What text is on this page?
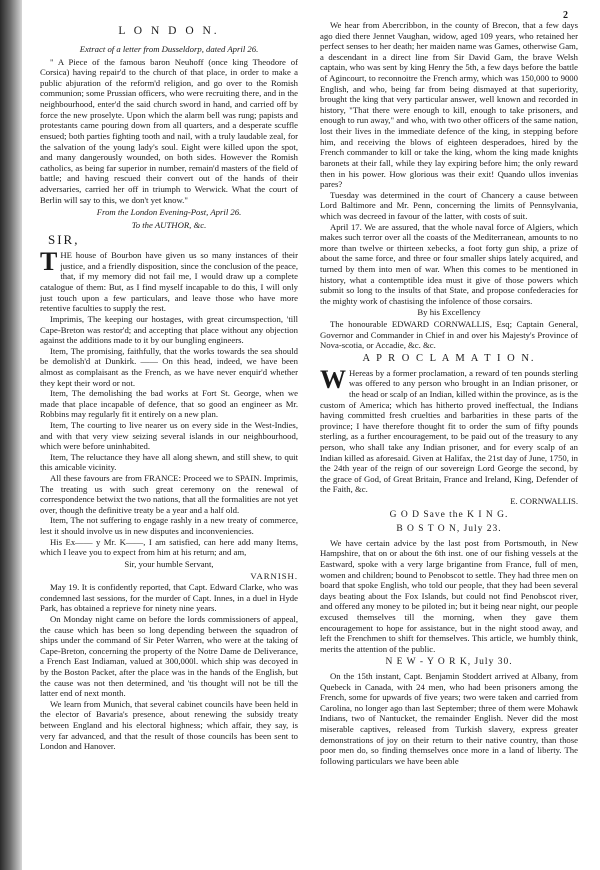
2
L O N D O N.
Extract of a letter from Dusseldorp, dated April 26.

" A Piece of the famous baron Neuhoff (once king Theodore of Corsica) having repair'd to the church of that place, in order to make a public abjuration of the reform'd religion, and go over to the Romish communion; some Prussian officers, who were recruiting there, and in the neighbourhood, enter'd the said church sword in hand, and carried off by force the new proselyte. Upon which the alarm bell was rung; papists and protestants came pouring down from all quarters, and a desperate scuffle ensued; both parties fighting tooth and nail, with a truly laudable zeal, for the salvation of the young lady's soul. Eight were killed upon the spot, and many dangerously wounded, on both sides. However the Romish catholics, as being far superior in number, remain'd masters of the field of battle; and having rescued their convert out of the hands of their adversaries, carried her off in triumph to Werwick. What the court of Berlin will say to this, we don't yet know."

From the London Evening-Post, April 26.
To the AUTHOR, &c.
SIR,

THE house of Bourbon have given us so many instances of their justice, and a friendly disposition, since the conclusion of the peace, that, if my memory did not fail me, I would draw up a complete catalogue of them: But, as I find myself incapable to do this, I will only just touch upon a few particulars, and leave those who have more retentive faculties to supply the rest.

Imprimis, The keeping our hostages, with great circumspection, 'till Cape-Breton was restor'd; and accepting that place without any objection against the additions made to it by our bungling engineers.

Item, The promising, faithfully, that the works towards the sea should be demolish'd at Dunkirk. —— On this head, indeed, we have been almost as complaisant as the French, as we have never enquir'd whether they kept their word or not.

Item, The demolishing the bad works at Fort St. George, when we made that place incapable of defence, that so good an engineer as Mr. Robbins may regularly fit it entirely on a new plan.

Item, The courting to live nearer us on every side in the West-Indies, and with that very view seizing several islands in our neighbourhood, which were before uninhabited.

Item, The reluctance they have all along shewn, and still shew, to quit this amicable vicinity.

All these favours are from FRANCE: Proceed we to SPAIN. Imprimis, The treating us with such great ceremony on the renewal of correspondence betwixt the two nations, that all the formalities are not yet over, though the definitive treaty be a year and a half old.

Item, The not suffering to engage rashly in a new treaty of commerce, lest it should involve us in new disputes and inconveniencies.

His Ex—— y Mr. K——, I am satisfied, can here add many Items, which I leave you to expect from him at his return; and am,

Sir, your humble Servant,
VARNISH.

May 19. It is confidently reported, that Capt. Edward Clarke, who was condemned last sessions, for the murder of Capt. Innes, in a duel in Hyde Park, has obtained a reprieve for ninety nine years.

On Monday night came on before the lords commissioners of appeal, the cause which has been so long depending between the squadron of ships under the command of Sir Peter Warren, who were at the taking of Cape-Breton, concerning the property of the Notre Dame de Deliverance, a French East Indiaman, valued at 300,000l. which ship was decoyed in by the Boston Packet, after the place was in the hands of the English, but the cause was not then determined, and 'tis thought will not be till the latter end of next month.

We learn from Munich, that several cabinet councils have been held in the elector of Bavaria's presence, about renewing the subsidy treaty between England and his electoral highness; which affair, they say, is very far advanced, and that the result of those councils has been sent to London and Hanover.

We hear from Abercribbon, in the county of Brecon, that a few days ago died there Jennet Vaughan, widow, aged 109 years, who retained her perfect senses to her death; her maiden name was Games, otherwise Gam, a descendant in a direct line from Sir David Gam, the brave Welsh captain, who was sent by king Henry the 5th, a few days before the battle of Agincourt, to reconnoitre the French army, which was 150,000 to 9000 English, and who, being far from being dismayed at that superiority, brought the king that very particular answer, well known and recorded in history, "That there were enough to kill, enough to take prisoners, and enough to run away," and who, with two other officers of the same nation, lost their lives in the immediate defence of the king, in stepping before him, and receiving the blows of eighteen desperadoes, hired by the French commander to kill or take the king, whom the king made knights baronets at their fall, while they lay expiring before him; the only reward then in his power. How glorious was their exit! Quando ullos invenias pares?

Tuesday was determined in the court of Chancery a cause between Lord Baltimore and Mr. Penn, concerning the limits of Pennsylvania, which was decreed in favour of the latter, with costs of suit.

April 17. We are assured, that the whole naval force of Algiers, which makes such terror over all the coasts of the Mediterranean, amounts to no more than twelve or thirteen xebecks, a foot forty gun ship, a prize of about the same force, and three or four smaller ships lately acquired, and turned by them into men of war. When this comes to be mentioned in history, what a contemptible idea must it give of those powers which submit so long to the insults of that State, and propose confederacies for the mighty work of chastising the infolence of those corsairs.

By his Excellency

The honourable EDWARD CORNWALLIS, Esq; Captain General, Governor and Commander in Chief in and over his Majesty's Province of Nova-scotia, or Accadie, &c. &c.

A P R O C L A M A T I O N.

W Hereas by a former proclamation, a reward of ten pounds sterling was offered to any person who brought in an Indian prisoner, or the head or scalp of an Indian, killed within the province, as is the custom of America; which has hitherto proved ineffectual, the Indians having committed fresh cruelties and barbarities in these parts of the province; I have therefore thought fit to order the sum of fifty pounds sterling, as a further encouragement, to be paid out of the treasury to any person, who shall take any Indian prisoner, and for every scalp of an Indian killed as aforesaid. Given at Halifax, the 21st day of June, 1750, in the 24th year of the reign of our sovereign Lord George the second, by the grace of God, of Great Britain, France and Ireland, King, Defender of the Faith, &c.

E. CORNWALLIS.
G O D Save the K I N G.
B O S T O N, July 23.

We have certain advice by the last post from Portsmouth, in New Hampshire, that on or about the 6th inst. one of our fishing vessels at the Eastward, spoke with a very large brigantine from France, full of men, women and children; bound to Penobscot to settle. They had three men on board that spoke English, who told our people, that they had been several days beating about the Fox Islands, but could not find Penobscot river, and offered any money to be piloted in; but it being near night, our people excused themselves till the morning, when they gave them encouragement to hope for assistance, but in the night stood away, and left the Frenchmen to shift for themselves. This article, we humbly think, merits the attention of the public.

N E W - Y O R K, July 30.

On the 15th instant, Capt. Benjamin Stoddert arrived at Albany, from Quebeck in Canada, with 24 men, who had been prisoners among the French, some for upwards of five years; two were taken and carried from Carolina, no longer ago than last September; three of them were Mohawk Indians, two of Nantucket, the remainder English. Never did the most miserable captives, released from Turkish slavery, express greater demonstrations of joy on their return to their native country, than those poor men do, so finding themselves once more in a land of liberty. The following particulars we have been able
